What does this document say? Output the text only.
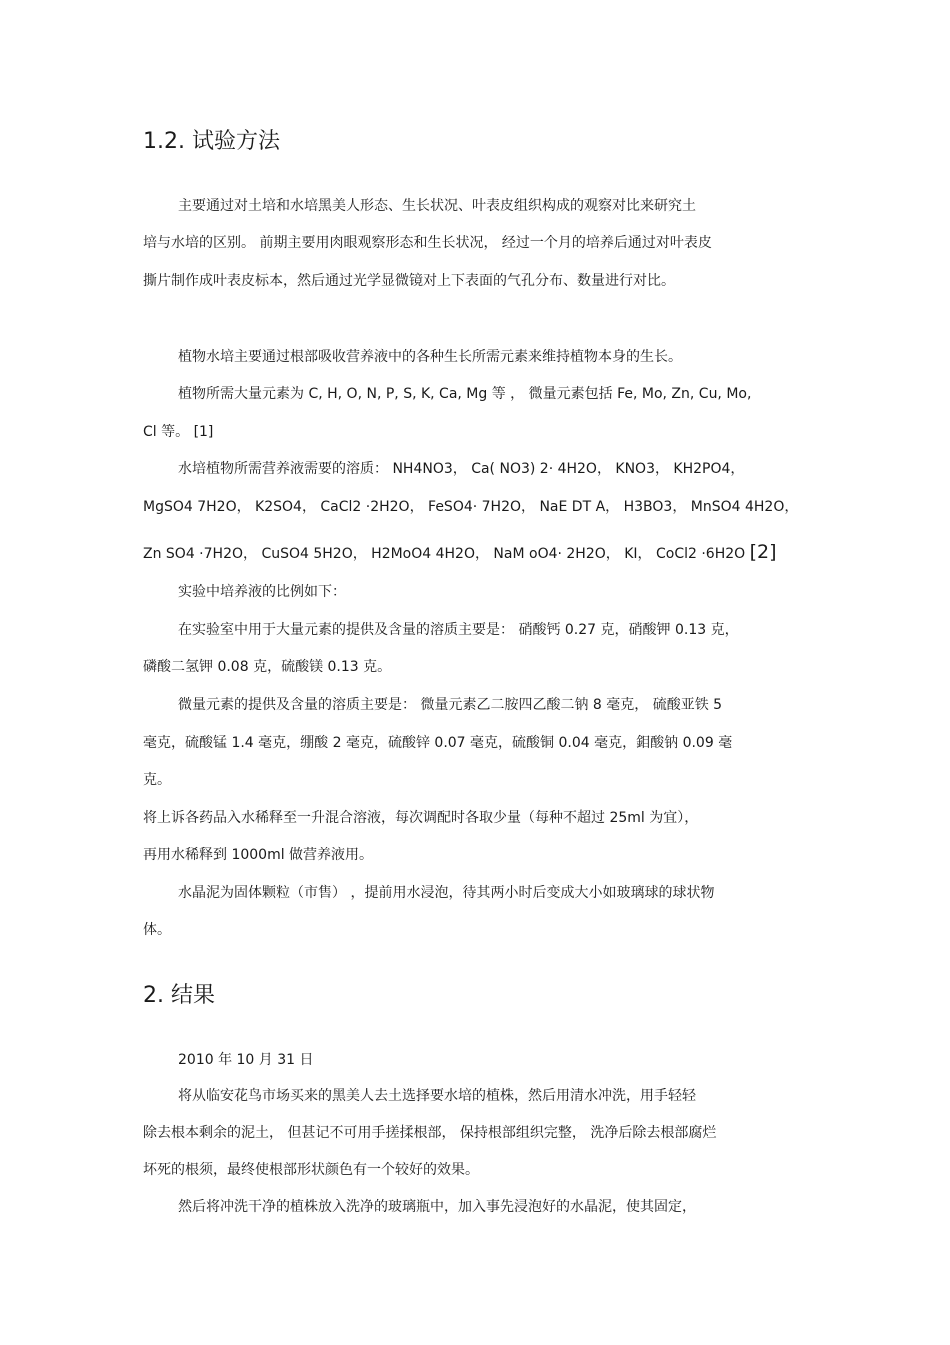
1.2. 试验方法
主要通过对土培和水培黑美人形态、生长状况、叶表皮组织构成的观察对比来研究土
培与水培的区别。 前期主要用肉眼观察形态和生长状况， 经过一个月的培养后通过对叶表皮
撕片制作成叶表皮标本，然后通过光学显微镜对上下表面的气孔分布、数量进行对比。
植物水培主要通过根部吸收营养液中的各种生长所需元素来维持植物本身的生长。
植物所需大量元素为 C, H, O, N, P, S, K, Ca, Mg 等 ， 微量元素包括 Fe, Mo, Zn, Cu, Mo,
Cl 等。 [1]
水培植物所需营养液需要的溶质： NH4NO3， Ca( NO3) 2· 4H2O， KNO3， KH2PO4，
MgSO4 7H2O， K2SO4， CaCl2 ·2H2O， FeSO4· 7H2O， NaE DT A， H3BO3， MnSO4 4H2O，
Zn SO4 ·7H2O， CuSO4 5H2O， H2MoO4 4H2O， NaM oO4· 2H2O， KI， CoCl2 ·6H2O [2]
实验中培养液的比例如下：
在实验室中用于大量元素的提供及含量的溶质主要是： 硝酸钙 0.27 克，硝酸钾 0.13 克，
磷酸二氢钾 0.08 克，硫酸镁 0.13 克。
微量元素的提供及含量的溶质主要是： 微量元素乙二胺四乙酸二钠 8 毫克， 硫酸亚铁 5
毫克，硫酸锰 1.4 毫克，绷酸 2 毫克，硫酸锌 0.07 毫克，硫酸铜 0.04 毫克，鉬酸钠 0.09 毫
克。
将上诉各药品入水稀释至一升混合溶液，每次调配时各取少量（每种不超过 25ml 为宜），
再用水稀释到 1000ml 做营养液用。
水晶泥为固体颗粒（市售） ，提前用水浸泡，待其两小时后变成大小如玻璃球的球状物
体。
2. 结果
2010 年 10 月 31 日
将从临安花鸟市场买来的黑美人去土选择要水培的植株，然后用清水冲洗，用手轻轻
除去根本剩余的泥土， 但甚记不可用手搓揉根部， 保持根部组织完整， 洗净后除去根部腐烂
坏死的根须，最终使根部形状颜色有一个较好的效果。
然后将冲洗干净的植株放入洗净的玻璃瓶中，加入事先浸泡好的水晶泥，使其固定，
